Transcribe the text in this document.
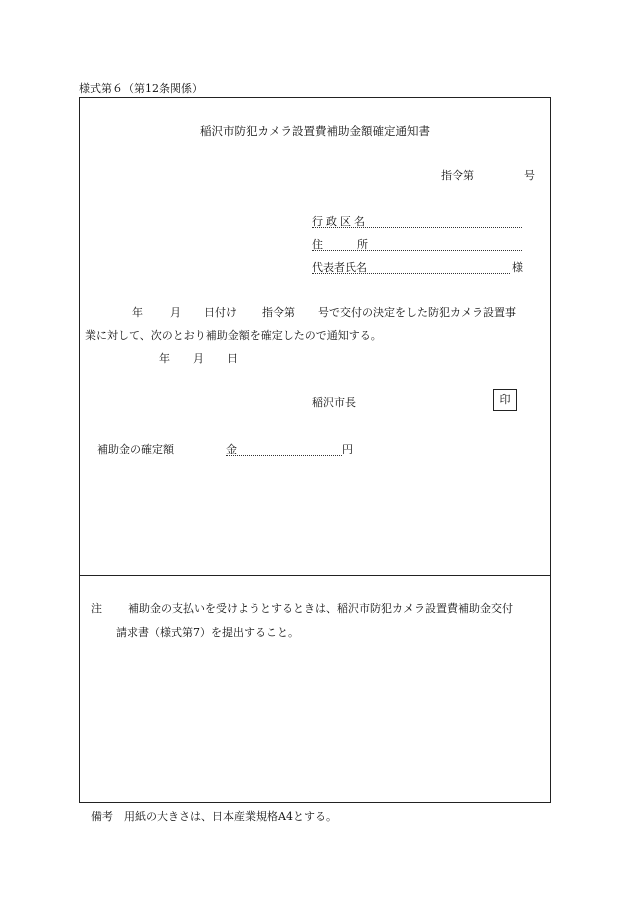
様式第６（第12条関係）
稲沢市防犯カメラ設置費補助金額確定通知書
指令第	号
行政区名
住	所
代表者氏名	様
年 月 日付け 指令第 号で交付の決定をした防犯カメラ設置事
業に対して、次のとおり補助金額を確定したので通知する。
年 月 日
稲沢市長	印
補助金の確定額	金	円
注 補助金の支払いを受けようとするときは、稲沢市防犯カメラ設置費補助金交付
請求書（様式第7）を提出すること。
備考 用紙の大きさは、日本産業規格A4とする。
